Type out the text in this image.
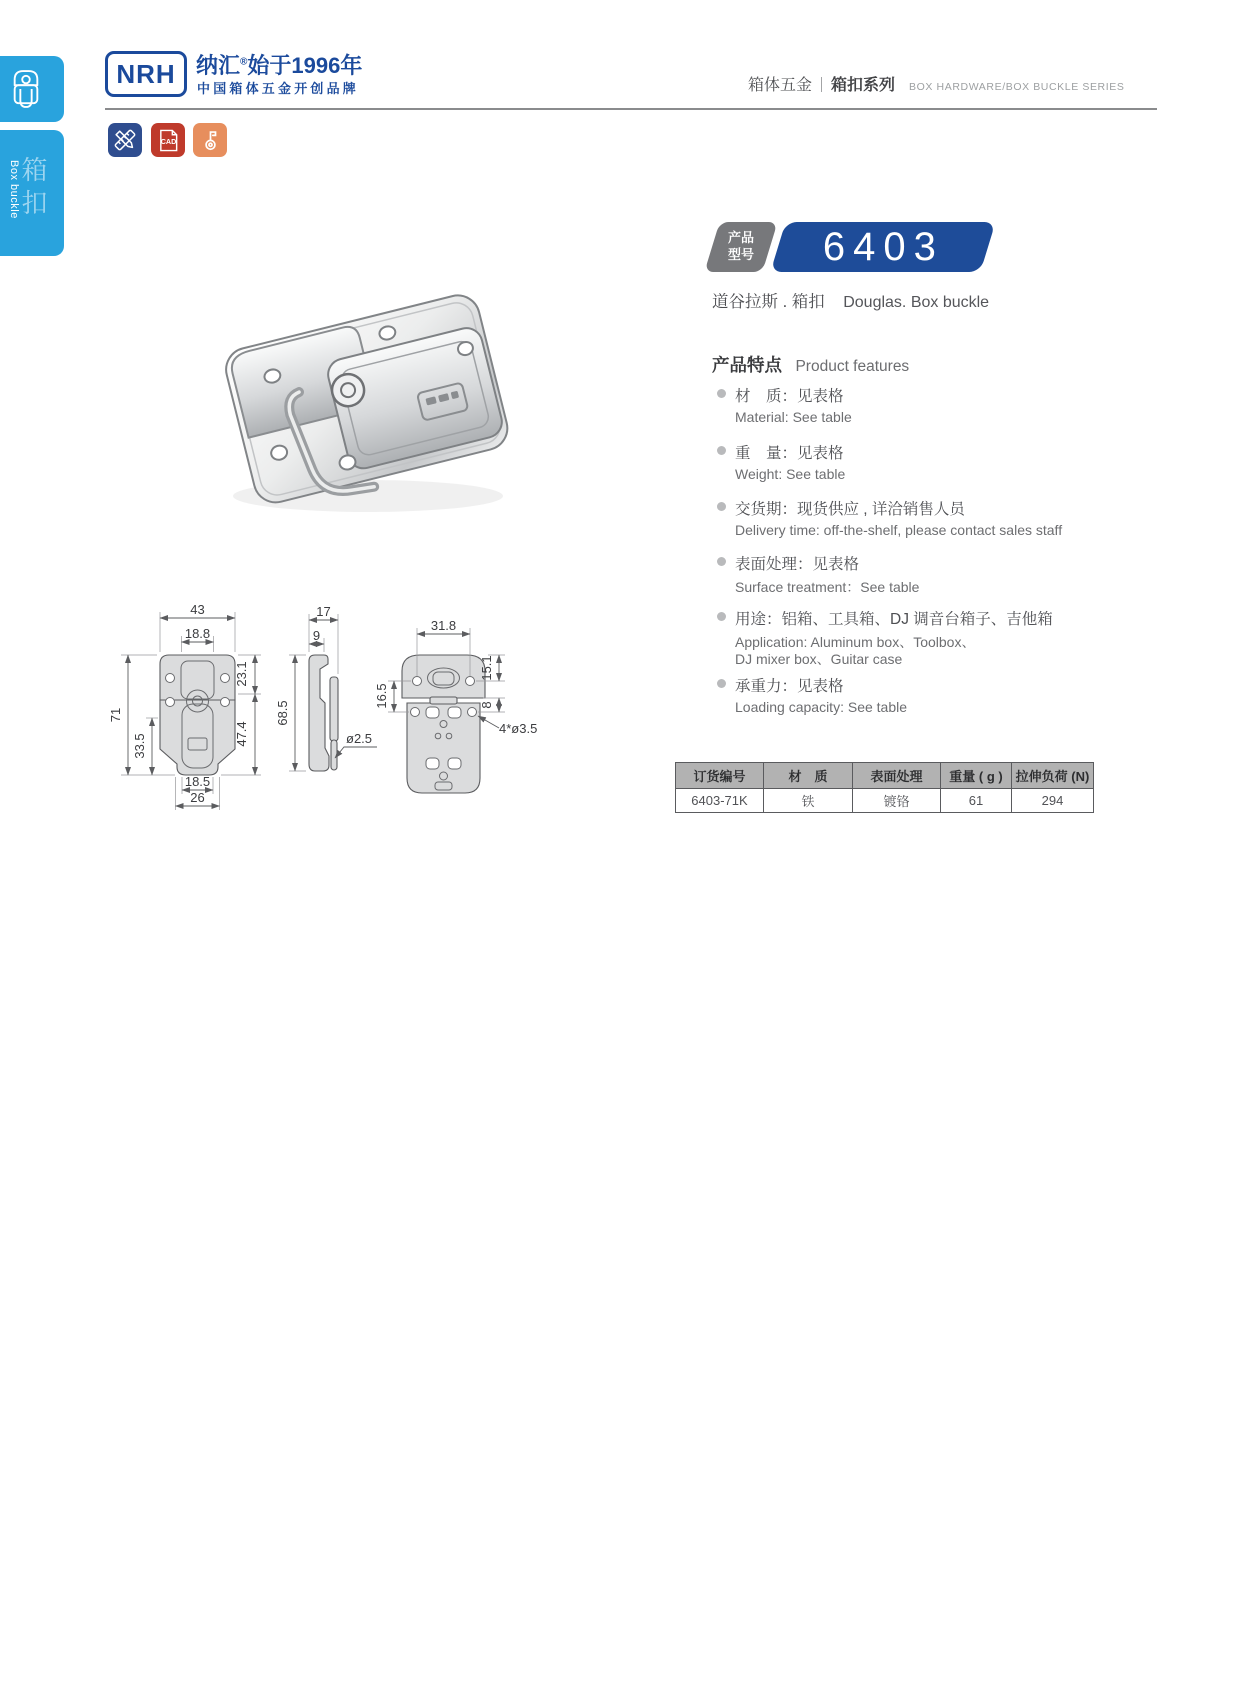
箱扣
Box buckle
NRH 纳汇®始于1996年
中国箱体五金开创品牌	箱体五金 ｜ 箱扣系列 BOX HARDWARE/BOX BUCKLE SERIES
CAD
产品
型号 6403
道谷拉斯 . 箱扣 Douglas. Box buckle
产品特点 Product features
材　质：见表格
Material: See table
重　量：见表格
Weight: See table
交货期：现货供应 , 详洽销售人员
Delivery time: off-the-shelf, please contact sales staff
表面处理：见表格
Surface treatment：See table
用途：铝箱、工具箱、DJ 调音台箱子、吉他箱
Application: Aluminum box、Toolbox、
DJ mixer box、Guitar case
承重力：见表格
Loading capacity: See table
订货编号	材　质	表面处理	重量 ( g )	拉伸负荷 (N)
6403-71K	铁	镀铬	61	294
43
18.8
71
33.5
23.1
47.4
18.5
26
17
9
68.5
ø2.5
31.8
15.1
16.5	8
4*ø3.5
